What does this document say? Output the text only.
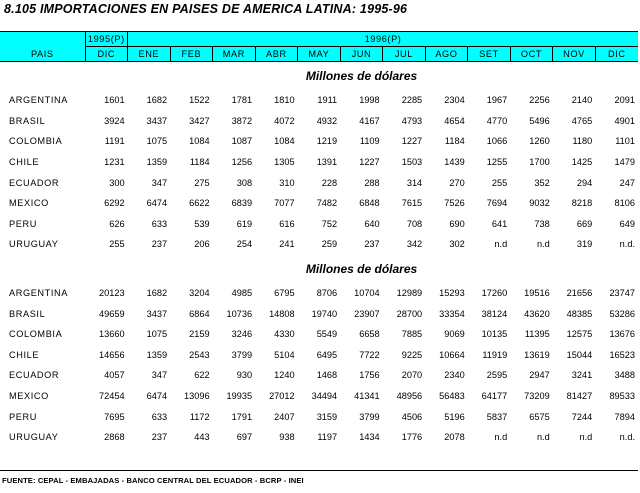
8.105 IMPORTACIONES EN PAISES DE AMERICA LATINA: 1995-96
	1995(P)	1996(P)											
PAIS	DIC	ENE	FEB	MAR	ABR	MAY	JUN	JUL	AGO	SET	OCT	NOV	DIC
	Millones de dólares												
ARGENTINA	1601	1682	1522	1781	1810	1911	1998	2285	2304	1967	2256	2140	2091
BRASIL	3924	3437	3427	3872	4072	4932	4167	4793	4654	4770	5496	4765	4901
COLOMBIA	1191	1075	1084	1087	1084	1219	1109	1227	1184	1066	1260	1180	1101
CHILE	1231	1359	1184	1256	1305	1391	1227	1503	1439	1255	1700	1425	1479
ECUADOR	300	347	275	308	310	228	288	314	270	255	352	294	247
MEXICO	6292	6474	6622	6839	7077	7482	6848	7615	7526	7694	9032	8218	8106
PERU	626	633	539	619	616	752	640	708	690	641	738	669	649
URUGUAY	255	237	206	254	241	259	237	342	302	n.d	n.d	319	n.d.
	Millones de dólares												
ARGENTINA	20123	1682	3204	4985	6795	8706	10704	12989	15293	17260	19516	21656	23747
BRASIL	49659	3437	6864	10736	14808	19740	23907	28700	33354	38124	43620	48385	53286
COLOMBIA	13660	1075	2159	3246	4330	5549	6658	7885	9069	10135	11395	12575	13676
CHILE	14656	1359	2543	3799	5104	6495	7722	9225	10664	11919	13619	15044	16523
ECUADOR	4057	347	622	930	1240	1468	1756	2070	2340	2595	2947	3241	3488
MEXICO	72454	6474	13096	19935	27012	34494	41341	48956	56483	64177	73209	81427	89533
PERU	7695	633	1172	1791	2407	3159	3799	4506	5196	5837	6575	7244	7894
URUGUAY	2868	237	443	697	938	1197	1434	1776	2078	n.d	n.d	n.d	n.d.
FUENTE: CEPAL - EMBAJADAS - BANCO CENTRAL DEL ECUADOR - BCRP - INEI
